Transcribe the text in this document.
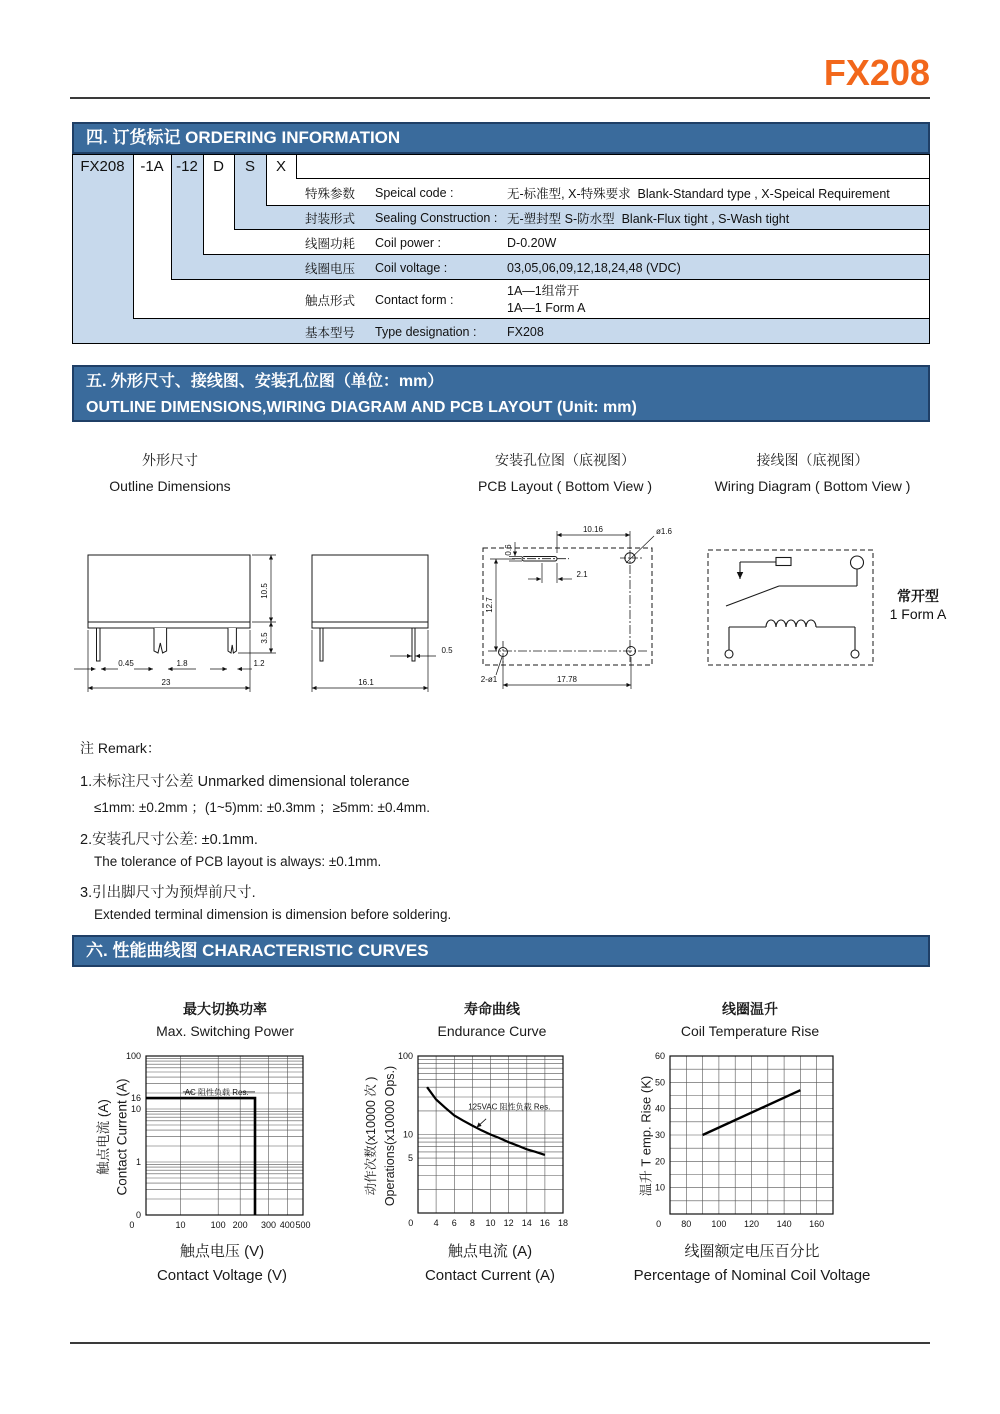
FX208
四. 订货标记 ORDERING INFORMATION
FX208	-1A -12	D	S	X
特殊参数	Speical code :	无-标准型, X-特殊要求  Blank-Standard type , X-Speical Requirement
封装形式	Sealing Construction : 无-塑封型 S-防水型  Blank-Flux tight , S-Wash tight
线圈功耗	Coil power :	D-0.20W
线圈电压	Coil voltage :	03,05,06,09,12,18,24,48 (VDC)
触点形式	Contact form :
1A—1组常开
1A—1 Form A
基本型号	Type designation :	FX208
五. 外形尺寸、接线图、安装孔位图（单位：mm）
OUTLINE DIMENSIONS,WIRING DIAGRAM AND PCB LAYOUT (Unit: mm)
外形尺寸
Outline Dimensions
安装孔位图（底视图）
PCB Layout ( Bottom View )
接线图（底视图）
Wiring Diagram ( Bottom View )
0.45	1.8	1.2
23
10.5
3.5
16.1
0.5
10.16	ø1.6
0.6
2.1
12.7
2-ø1	17.78
常开型
1 Form A
注 Remark：
1.未标注尺寸公差 Unmarked dimensional tolerance
≤1mm: ±0.2mm ；(1~5)mm: ±0.3mm ；≥5mm: ±0.4mm.
2.安装孔尺寸公差: ±0.1mm.
The tolerance of PCB layout is always: ±0.1mm.
3.引出脚尺寸为预焊前尺寸.
Extended terminal dimension is dimension before soldering.
六. 性能曲线图 CHARACTERISTIC CURVES
最大切换功率
Max. Switching Power
寿命曲线
Endurance Curve
线圈温升
Coil Temperature Rise
AC 阻性负载 Res.
100
16
10
1
0
0	10	100 200 300 400 500
125VAC 阻性负载 Res.
100
10
5
0 4 6 8 10 12 14 16 18
60
50
40
30
20
10
0 80 100 120 140 160
触点电流 (A) Contact Current (A)	动作次数(x10000 次 ) Operations(x10000 Ops.)	温升 T emp. Rise (K)
触点电压 (V)
Contact Voltage (V)
触点电流 (A)
Contact Current (A)
线圈额定电压百分比
Percentage of Nominal Coil Voltage
